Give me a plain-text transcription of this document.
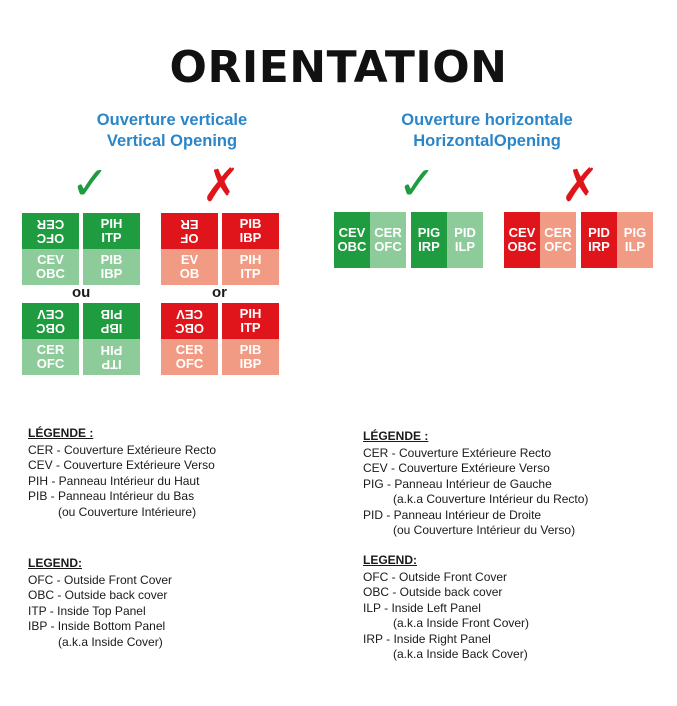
ORIENTATION
Ouverture verticale
Vertical Opening
Ouverture horizontale
HorizontalOpening
✓ ✗	✓	✗
OFC
CER	PIH
ITP
CEV
OBC
PIB
IBP
ou
OBC
CEV
IBP
PIB
CER
OFC	ITP
PIH
OF
ER	PIB
IBP
EV
OB
PIH
ITP
or
OBC
CEV	PIH
ITP
CER
OFC
PIB
IBP
CEV
OBC
CER
OFC
PIG
IRP
PID
ILP
CEV
OBC
CER
OFC
PID
IRP
PIG
ILP
LÉGENDE :
CER - Couverture Extérieure Recto
CEV - Couverture Extérieure Verso
PIH - Panneau Intérieur du Haut
PIB - Panneau Intérieur du Bas
(ou Couverture Intérieure)
LEGEND:
OFC - Outside Front Cover
OBC - Outside back cover
ITP - Inside Top Panel
IBP - Inside Bottom Panel
(a.k.a Inside Cover)
LÉGENDE :
CER - Couverture Extérieure Recto
CEV - Couverture Extérieure Verso
PIG - Panneau Intérieur de Gauche
(a.k.a Couverture Intérieur du Recto)
PID - Panneau Intérieur de Droite
(ou Couverture Intérieur du Verso)
LEGEND:
OFC - Outside Front Cover
OBC - Outside back cover
ILP - Inside Left Panel
(a.k.a Inside Front Cover)
IRP - Inside Right Panel
(a.k.a Inside Back Cover)
